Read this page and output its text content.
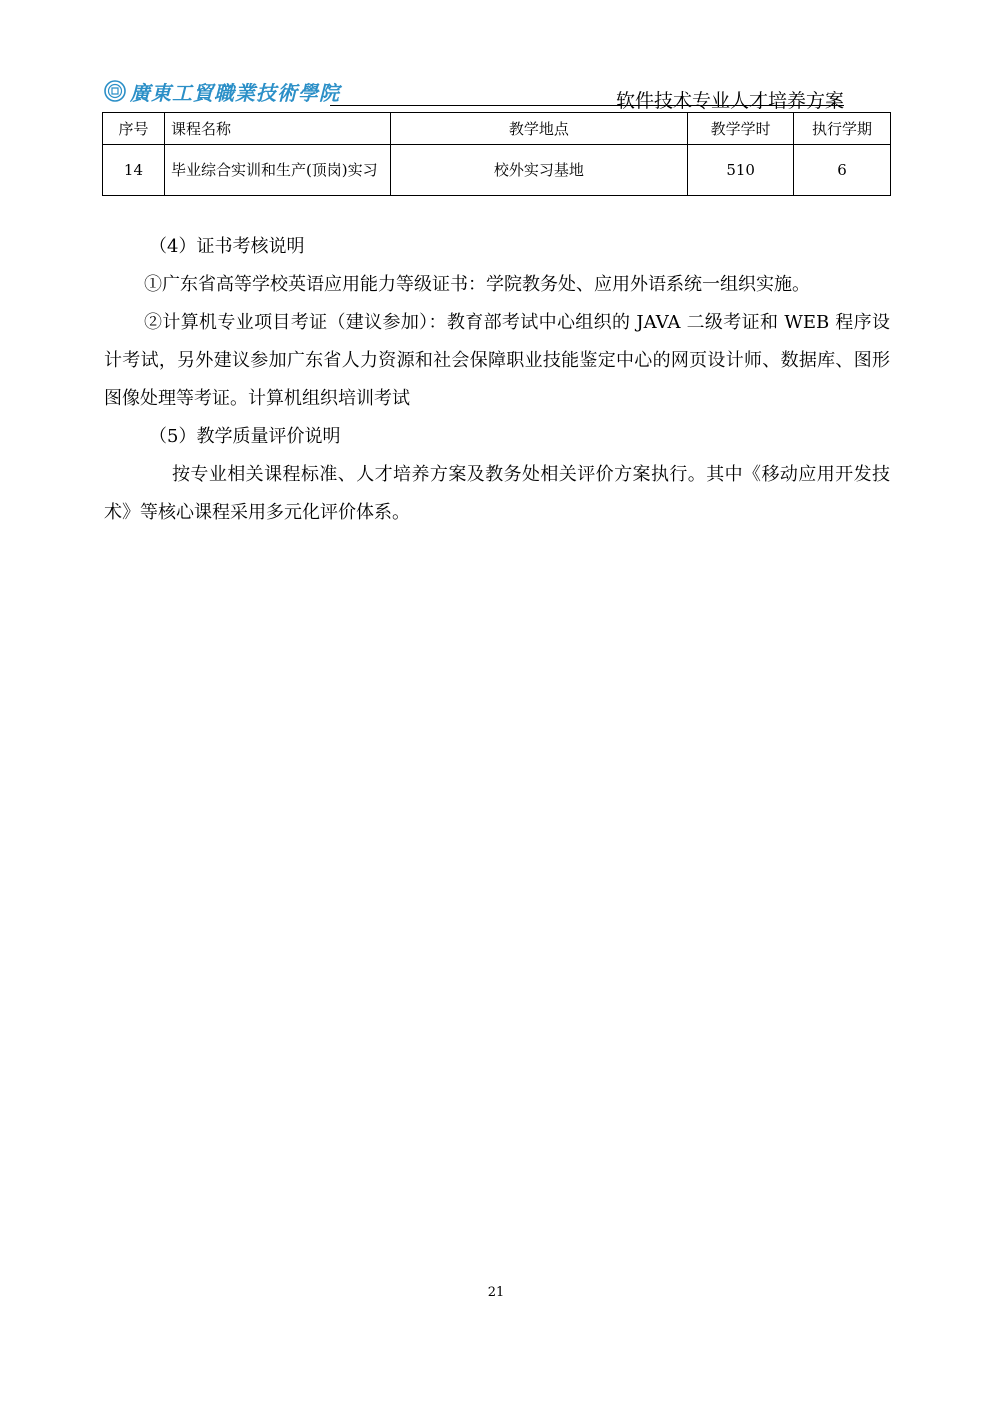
廣東工貿職業技術學院	软件技术专业人才培养方案
序号	课程名称	教学地点	教学学时	执行学期
14	毕业综合实训和生产(顶岗)实习	校外实习基地	510	6

（4）证书考核说明

①广东省高等学校英语应用能力等级证书：学院教务处、应用外语系统一组织实施。

②计算机专业项目考证（建议参加）：教育部考试中心组织的 JAVA 二级考证和 WEB 程序设计考试，另外建议参加广东省人力资源和社会保障职业技能鉴定中心的网页设计师、数据库、图形图像处理等考证。计算机组织培训考试

（5）教学质量评价说明

按专业相关课程标准、人才培养方案及教务处相关评价方案执行。其中《移动应用开发技术》等核心课程采用多元化评价体系。

21
